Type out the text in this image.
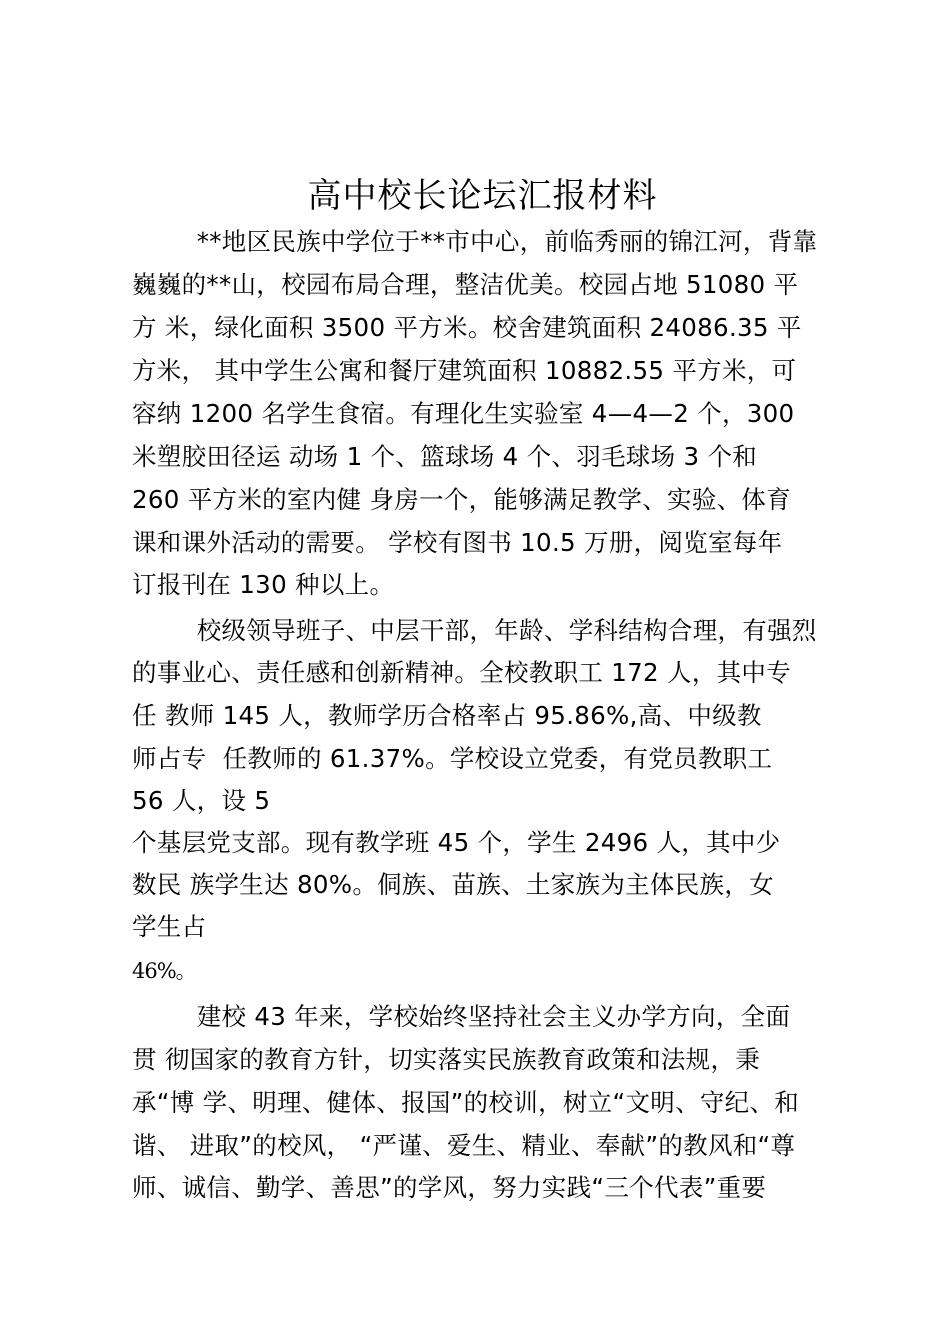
高中校长论坛汇报材料
**地区民族中学位于**市中心，前临秀丽的锦江河，背靠
巍巍的**山，校园布局合理，整洁优美。校园占地 51080 平
方 米，绿化面积 3500 平方米。校舍建筑面积 24086.35 平
方米， 其中学生公寓和餐厅建筑面积 10882.55 平方米，可
容纳 1200 名学生食宿。有理化生实验室 4—4—2 个，300
米塑胶田径运 动场 1 个、篮球场 4 个、羽毛球场 3 个和
260 平方米的室内健 身房一个，能够满足教学、实验、体育
课和课外活动的需要。 学校有图书 10.5 万册，阅览室每年
订报刊在 130 种以上。
校级领导班子、中层干部，年龄、学科结构合理，有强烈
的事业心、责任感和创新精神。全校教职工 172 人，其中专
任 教师 145 人，教师学历合格率占 95.86%,高、中级教
师占专  任教师的 61.37%。学校设立党委，有党员教职工
56 人，设 5
个基层党支部。现有教学班 45 个，学生 2496 人，其中少
数民 族学生达 80%。侗族、苗族、土家族为主体民族，女
学生占
46%。
建校 43 年来，学校始终坚持社会主义办学方向，全面
贯 彻国家的教育方针，切实落实民族教育政策和法规，秉
承“博 学、明理、健体、报国”的校训，树立“文明、守纪、和
谐、 进取”的校风， “严谨、爱生、精业、奉献”的教风和“尊
师、诚信、勤学、善思”的学风，努力实践“三个代表”重要
